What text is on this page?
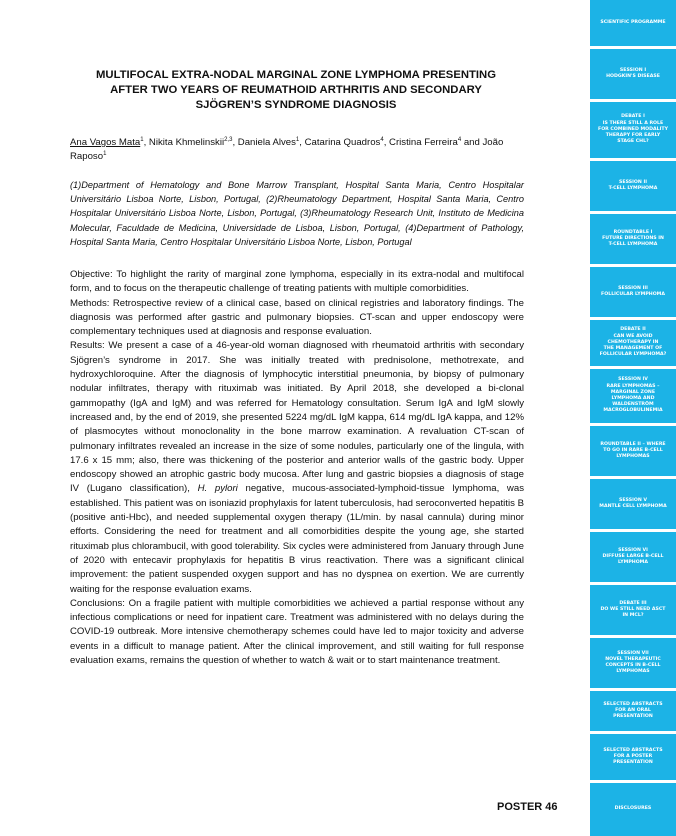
MULTIFOCAL EXTRA-NODAL MARGINAL ZONE LYMPHOMA PRESENTING AFTER TWO YEARS OF REUMATHOID ARTHRITIS AND SECONDARY SJÖGREN’S SYNDROME DIAGNOSIS
Ana Vagos Mata$^1$, Nikita Khmelinskii$^{2,3}$, Daniela Alves$^1$, Catarina Quadros$^4$, Cristina Ferreira$^4$ and João Raposo$^1$
(1)Department of Hematology and Bone Marrow Transplant, Hospital Santa Maria, Centro Hospitalar Universitário Lisboa Norte, Lisbon, Portugal, (2)Rheumatology Department, Hospital Santa Maria, Centro Hospitalar Universitário Lisboa Norte, Lisbon, Portugal, (3)Rheumatology Research Unit, Instituto de Medicina Molecular, Faculdade de Medicina, Universidade de Lisboa, Lisbon, Portugal, (4)Department of Pathology, Hospital Santa Maria, Centro Hospitalar Universitário Lisboa Norte, Lisbon, Portugal

Objective: To highlight the rarity of marginal zone lymphoma, especially in its extra-nodal and multifocal form, and to focus on the therapeutic challenge of treating patients with multiple comorbidities.

Methods: Retrospective review of a clinical case, based on clinical registries and laboratory findings. The diagnosis was performed after gastric and pulmonary biopsies. CT-scan and upper endoscopy were complementary techniques used at diagnosis and response evaluation.

Results: We present a case of a 46-year-old woman diagnosed with rheumatoid arthritis with secondary Sjögren’s syndrome in 2017. She was initially treated with prednisolone, methotrexate, and hydroxychloroquine. After the diagnosis of lymphocytic interstitial pneumonia, by biopsy of pulmonary nodular infiltrates, therapy with rituximab was initiated. By April 2018, she developed a bi-clonal gammopathy (IgA and IgM) and was referred for Hematology consultation. Serum IgA and IgM slowly increased and, by the end of 2019, she presented 5224 mg/dL IgM kappa, 614 mg/dL IgA kappa, and 12% of plasmocytes without monoclonality in the bone marrow examination. A revaluation CT-scan of pulmonary infiltrates revealed an increase in the size of some nodules, particularly one of the lingula, with 17.6 x 15 mm; also, there was thickening of the posterior and anterior walls of the gastric body. Upper endoscopy showed an atrophic gastric body mucosa. After lung and gastric biopsies a diagnosis of stage IV (Lugano classification), H. pylori negative, mucous-associated-lymphoid-tissue lymphoma, was established. This patient was on isoniazid prophylaxis for latent tuberculosis, had seroconverted hepatitis B (positive anti-Hbc), and needed supplemental oxygen therapy (1L/min. by nasal cannula) during minor efforts. Considering the need for treatment and all comorbidities despite the young age, she started rituximab plus chlorambucil, with good tolerability. Six cycles were administered from January through June of 2020 with entecavir prophylaxis for hepatitis B virus reactivation. There was a significant clinical improvement: the patient suspended oxygen support and has no dyspnea on exertion. We are currently waiting for the response evaluation exams.

Conclusions: On a fragile patient with multiple comorbidities we achieved a partial response without any infectious complications or need for inpatient care. Treatment was administered with no delays during the COVID-19 outbreak. More intensive chemotherapy schemes could have led to major toxicity and adverse events in a difficult to manage patient. After the clinical improvement, and still waiting for full response evaluation exams, remains the question of whether to watch & wait or to start maintenance treatment.

POSTER 46
SCIENTIFIC PROGRAMME
SESSION I
HODGKIN'S DISEASE
DEBATE I
IS THERE STILL A ROLE
FOR COMBINED MODALITY
THERAPY FOR EARLY
STAGE CHL?
SESSION II
T-CELL LYMPHOMA
ROUNDTABLE I
FUTURE DIRECTIONS IN
T-CELL LYMPHOMA
SESSION III
FOLLICULAR LYMPHOMA
DEBATE II
CAN WE AVOID
CHEMOTHERAPY IN
THE MANAGEMENT OF
FOLLICULAR LYMPHOMA?
SESSION IV
RARE LYMPHOMAS –
MARGINAL ZONE
LYMPHOMA AND
WALDENSTRÖM
MACROGLOBULINEMIA
ROUNDTABLE II – WHERE
TO GO IN RARE B-CELL
LYMPHOMAS
SESSION V
MANTLE CELL LYMPHOMA
SESSION VI
DIFFUSE LARGE B-CELL
LYMPHOMA
DEBATE III
DO WE STILL NEED ASCT
IN MCL?
SESSION VII
NOVEL THERAPEUTIC
CONCEPTS IN B-CELL
LYMPHOMAS
SELECTED ABSTRACTS
FOR AN ORAL
PRESENTATION
SELECTED ABSTRACTS
FOR A POSTER
PRESENTATION
DISCLOSURES
